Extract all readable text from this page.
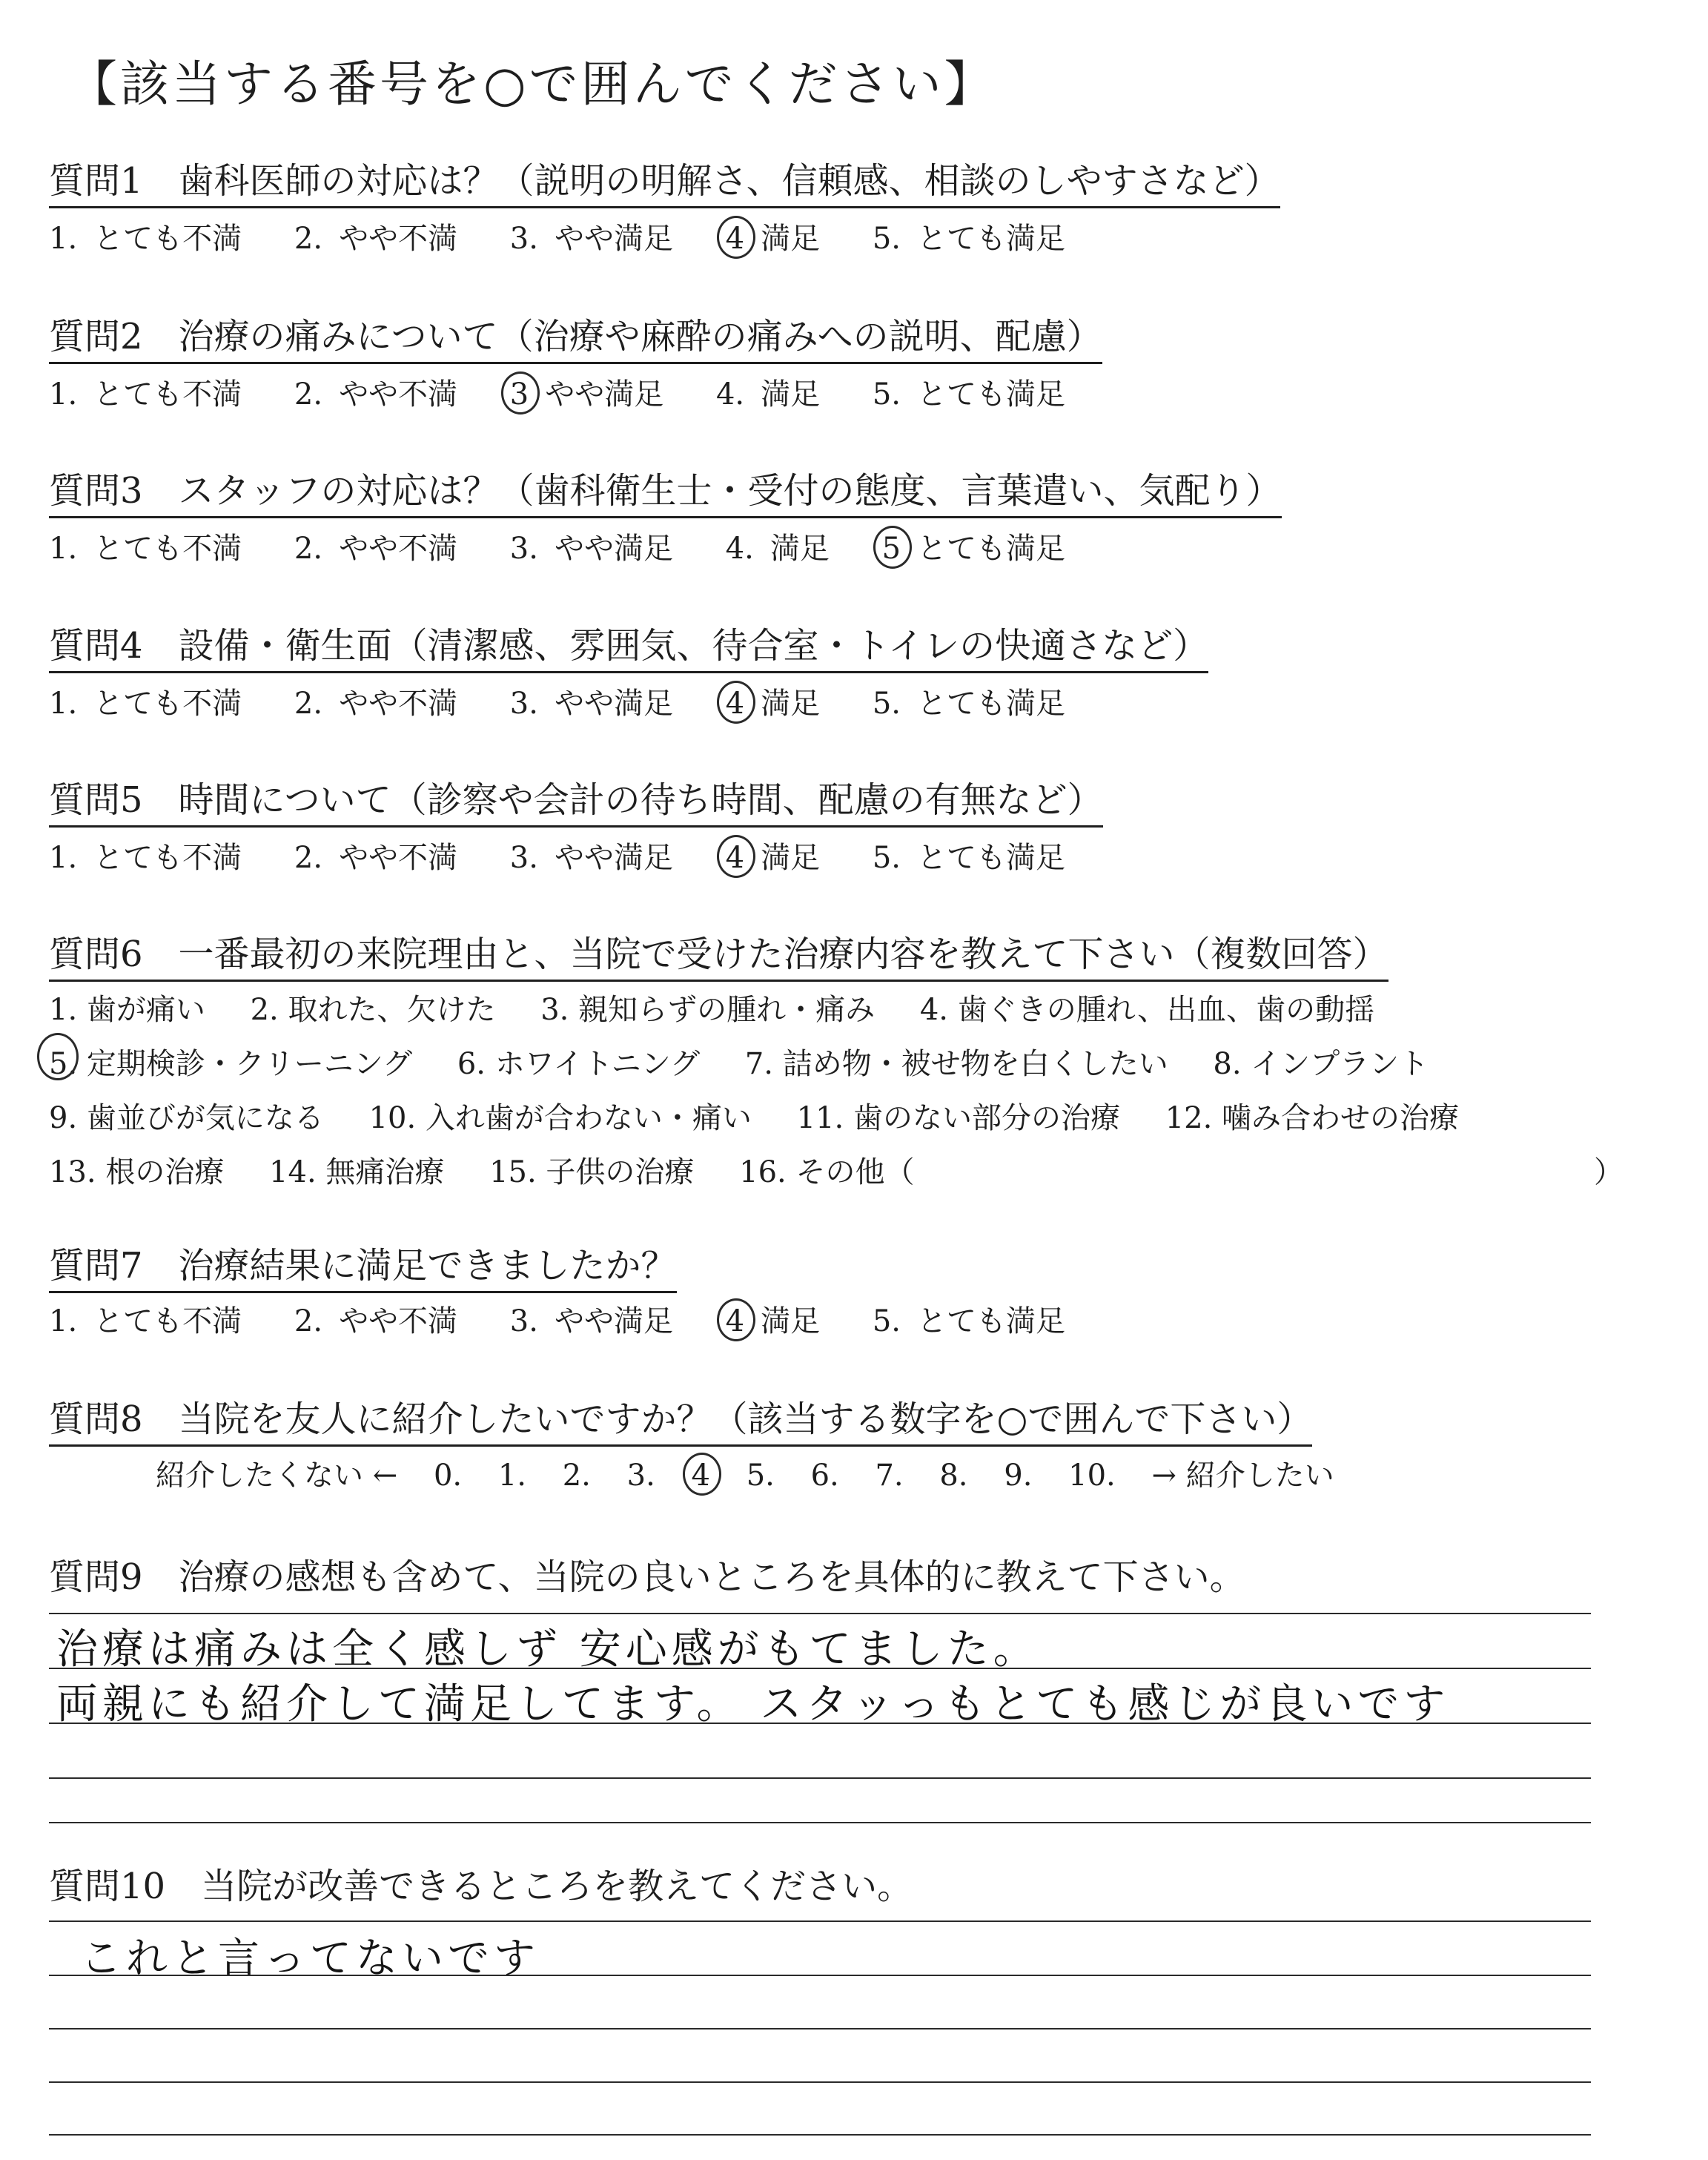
【該当する番号を○で囲んでください】
質問1　歯科医師の対応は？（説明の明解さ、信頼感、相談のしやすさなど）
1. とても不満 2. やや不満 3. やや満足 4 満足 5. とても満足
質問2　治療の痛みについて（治療や麻酔の痛みへの説明、配慮）
1. とても不満 2. やや不満 3 やや満足 4. 満足 5. とても満足
質問3　スタッフの対応は？（歯科衛生士・受付の態度、言葉遣い、気配り）
1. とても不満 2. やや不満 3. やや満足 4. 満足 5 とても満足
質問4　設備・衛生面（清潔感、雰囲気、待合室・トイレの快適さなど）
1. とても不満 2. やや不満 3. やや満足 4 満足 5. とても満足
質問5　時間について（診察や会計の待ち時間、配慮の有無など）
1. とても不満 2. やや不満 3. やや満足 4 満足 5. とても満足
質問6　一番最初の来院理由と、当院で受けた治療内容を教えて下さい（複数回答）
1. 歯が痛い 2. 取れた、欠けた 3. 親知らずの腫れ・痛み 4. 歯ぐきの腫れ、出血、歯の動揺
5. 定期検診・クリーニング 6. ホワイトニング 7. 詰め物・被せ物を白くしたい 8. インプラント
9. 歯並びが気になる 10. 入れ歯が合わない・痛い 11. 歯のない部分の治療 12. 噛み合わせの治療
13. 根の治療 14. 無痛治療 15. 子供の治療 16. その他（	）
質問7　治療結果に満足できましたか？
1. とても不満 2. やや不満 3. やや満足 4 満足 5. とても満足
質問8　当院を友人に紹介したいですか？（該当する数字を○で囲んで下さい）
紹介したくない ← 0. 1. 2. 3. 4 5. 6. 7. 8. 9. 10. → 紹介したい
質問9　治療の感想も含めて、当院の良いところを具体的に教えて下さい。
治療は痛みは全く感しず 安心感がもてました。
両親にも紹介して満足してます。 スタッっもとても感じが良いです
質問10　当院が改善できるところを教えてください。
これと言ってないです
